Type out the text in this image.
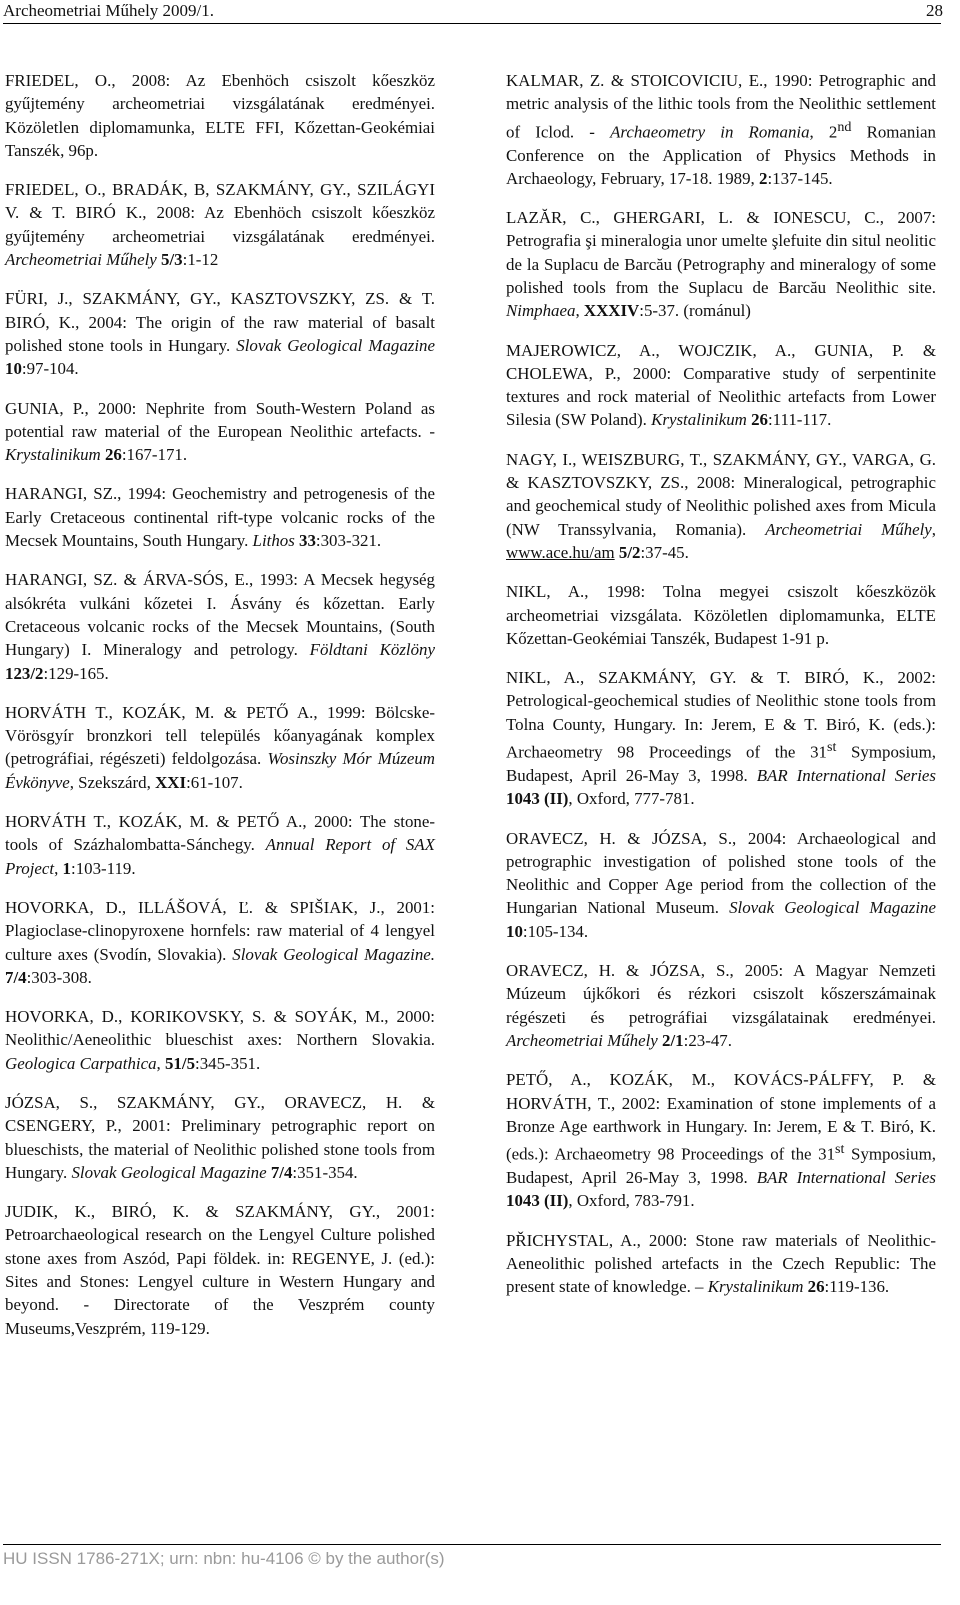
Archeometriai Műhely 2009/1.	28

FRIEDEL, O., 2008: Az Ebenhöch csiszolt kőeszköz gyűjtemény archeometriai vizsgálatának eredményei. Közöletlen diplomamunka, ELTE FFI, Kőzettan-Geokémiai Tanszék, 96p.

FRIEDEL, O., BRADÁK, B, SZAKMÁNY, GY., SZILÁGYI V. & T. BIRÓ K., 2008: Az Ebenhöch csiszolt kőeszköz gyűjtemény archeometriai vizsgálatának eredményei. Archeometriai Műhely 5/3:1-12

FÜRI, J., SZAKMÁNY, GY., KASZTOVSZKY, ZS. & T. BIRÓ, K., 2004: The origin of the raw material of basalt polished stone tools in Hungary. Slovak Geological Magazine 10:97-104.

GUNIA, P., 2000: Nephrite from South-Western Poland as potential raw material of the European Neolithic artefacts. - Krystalinikum 26:167-171.

HARANGI, SZ., 1994: Geochemistry and petrogenesis of the Early Cretaceous continental rift-type volcanic rocks of the Mecsek Mountains, South Hungary. Lithos 33:303-321.

HARANGI, SZ. & ÁRVA-SÓS, E., 1993: A Mecsek hegység alsókréta vulkáni kőzetei I. Ásvány és kőzettan. Early Cretaceous volcanic rocks of the Mecsek Mountains, (South Hungary) I. Mineralogy and petrology. Földtani Közlöny 123/2:129-165.

HORVÁTH T., KOZÁK, M. & PETŐ A., 1999: Bölcske-Vörösgyír bronzkori tell település kőanyagának komplex (petrográfiai, régészeti) feldolgozása. Wosinszky Mór Múzeum Évkönyve, Szekszárd, XXI:61-107.

HORVÁTH T., KOZÁK, M. & PETŐ A., 2000: The stone-tools of Százhalombatta-Sánchegy. Annual Report of SAX Project, 1:103-119.

HOVORKA, D., ILLÁŠOVÁ, Ľ. & SPIŠIAK, J., 2001: Plagioclase-clinopyroxene hornfels: raw material of 4 lengyel culture axes (Svodín, Slovakia). Slovak Geological Magazine. 7/4:303-308.

HOVORKA, D., KORIKOVSKY, S. & SOYÁK, M., 2000: Neolithic/Aeneolithic blueschist axes: Northern Slovakia. Geologica Carpathica, 51/5:345-351.

JÓZSA, S., SZAKMÁNY, GY., ORAVECZ, H. & CSENGERY, P., 2001: Preliminary petrographic report on blueschists, the material of Neolithic polished stone tools from Hungary. Slovak Geological Magazine 7/4:351-354.

JUDIK, K., BIRÓ, K. & SZAKMÁNY, GY., 2001: Petroarchaeological research on the Lengyel Culture polished stone axes from Aszód, Papi földek. in: REGENYE, J. (ed.): Sites and Stones: Lengyel culture in Western Hungary and beyond. - Directorate of the Veszprém county Museums,Veszprém, 119-129.

KALMAR, Z. & STOICOVICIU, E., 1990: Petrographic and metric analysis of the lithic tools from the Neolithic settlement of Iclod. - Archaeometry in Romania, 2nd Romanian Conference on the Application of Physics Methods in Archaeology, February, 17-18. 1989, 2:137-145.

LAZĂR, C., GHERGARI, L. & IONESCU, C., 2007: Petrografia şi mineralogia unor umelte şlefuite din situl neolitic de la Suplacu de Barcău (Petrography and mineralogy of some polished tools from the Suplacu de Barcău Neolithic site. Nimphaea, XXXIV:5-37. (románul)

MAJEROWICZ, A., WOJCZIK, A., GUNIA, P. & CHOLEWA, P., 2000: Comparative study of serpentinite textures and rock material of Neolithic artefacts from Lower Silesia (SW Poland). Krystalinikum 26:111-117.

NAGY, I., WEISZBURG, T., SZAKMÁNY, GY., VARGA, G. & KASZTOVSZKY, ZS., 2008: Mineralogical, petrographic and geochemical study of Neolithic polished axes from Micula (NW Transsylvania, Romania). Archeometriai Műhely, www.ace.hu/am 5/2:37-45.

NIKL, A., 1998: Tolna megyei csiszolt kőeszközök archeometriai vizsgálata. Közöletlen diplomamunka, ELTE Kőzettan-Geokémiai Tanszék, Budapest 1-91 p.

NIKL, A., SZAKMÁNY, GY. & T. BIRÓ, K., 2002: Petrological-geochemical studies of Neolithic stone tools from Tolna County, Hungary. In: Jerem, E & T. Biró, K. (eds.): Archaeometry 98 Proceedings of the 31st Symposium, Budapest, April 26-May 3, 1998. BAR International Series 1043 (II), Oxford, 777-781.

ORAVECZ, H. & JÓZSA, S., 2004: Archaeological and petrographic investigation of polished stone tools of the Neolithic and Copper Age period from the collection of the Hungarian National Museum. Slovak Geological Magazine 10:105-134.

ORAVECZ, H. & JÓZSA, S., 2005: A Magyar Nemzeti Múzeum újkőkori és rézkori csiszolt kőszerszámainak régészeti és petrográfiai vizsgálatainak eredményei. Archeometriai Műhely 2/1:23-47.

PETŐ, A., KOZÁK, M., KOVÁCS-PÁLFFY, P. & HORVÁTH, T., 2002: Examination of stone implements of a Bronze Age earthwork in Hungary. In: Jerem, E & T. Biró, K. (eds.): Archaeometry 98 Proceedings of the 31st Symposium, Budapest, April 26-May 3, 1998. BAR International Series 1043 (II), Oxford, 783-791.

PŘICHYSTAL, A., 2000: Stone raw materials of Neolithic-Aeneolithic polished artefacts in the Czech Republic: The present state of knowledge. – Krystalinikum 26:119-136.

HU ISSN 1786-271X; urn: nbn: hu-4106 © by the author(s)
